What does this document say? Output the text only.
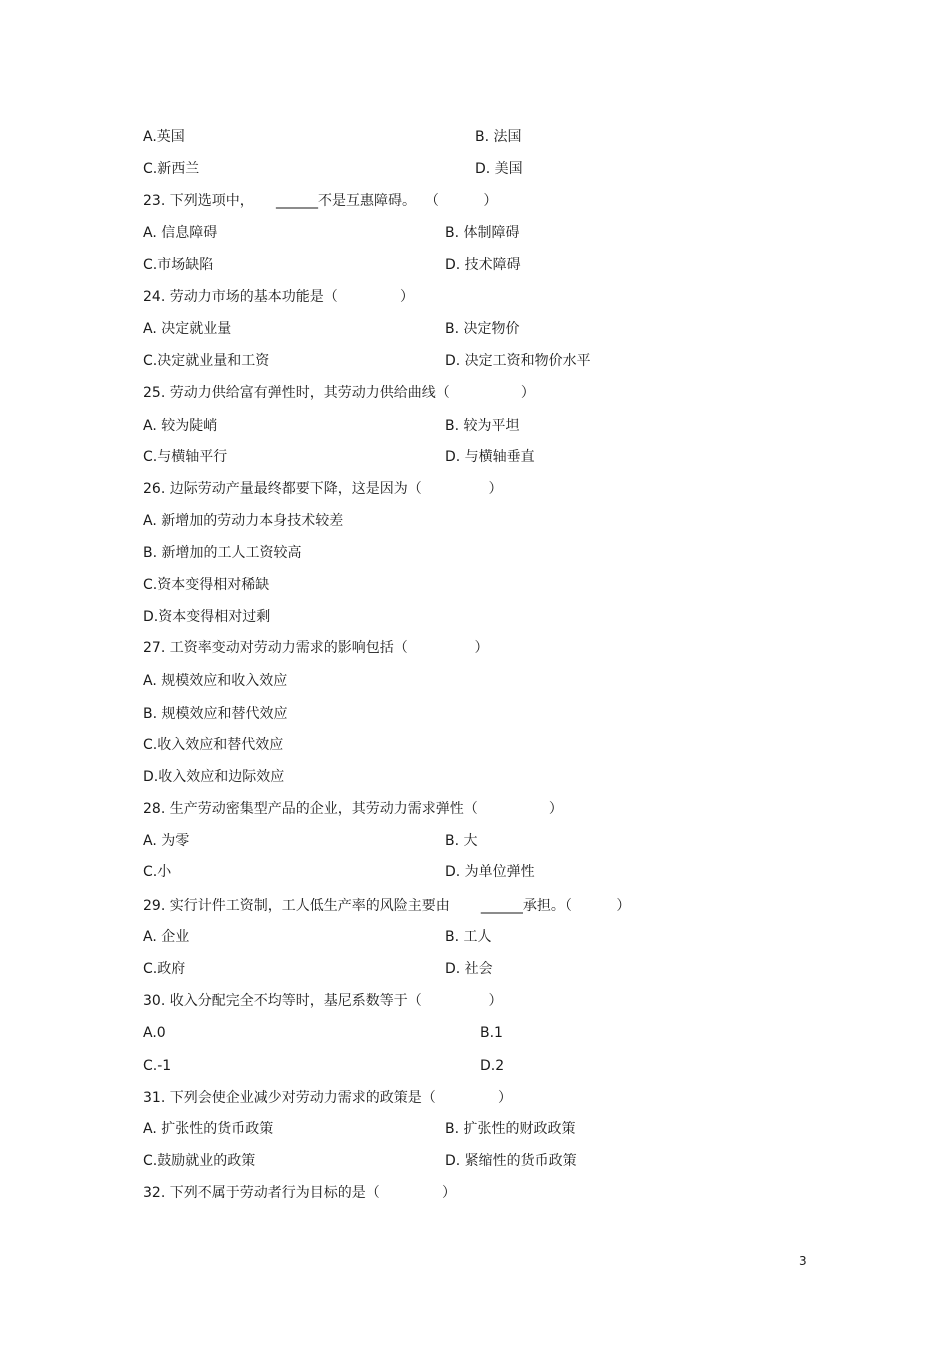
A.英国	B. 法国
C.新西兰	D. 美国
23. 下列选项中，     ______不是互惠障碍。  （          ）
A. 信息障碍	B. 体制障碍
C.市场缺陷	D. 技术障碍
24. 劳动力市场的基本功能是（              ）
A. 决定就业量	B. 决定物价
C.决定就业量和工资	D. 决定工资和物价水平
25. 劳动力供给富有弹性时，其劳动力供给曲线（                ）
A. 较为陡峭	B. 较为平坦
C.与横轴平行	D. 与横轴垂直
26. 边际劳动产量最终都要下降，这是因为（               ）
A. 新增加的劳动力本身技术较差
B. 新增加的工人工资较高
C.资本变得相对稀缺
D.资本变得相对过剩
27. 工资率变动对劳动力需求的影响包括（               ）
A. 规模效应和收入效应
B. 规模效应和替代效应
C.收入效应和替代效应
D.收入效应和边际效应
28. 生产劳动密集型产品的企业，其劳动力需求弹性（                ）
A. 为零	B. 大
C.小	D. 为单位弹性
29. 实行计件工资制，工人低生产率的风险主要由       ______承担。（          ）
A. 企业	B. 工人
C.政府	D. 社会
30. 收入分配完全不均等时，基尼系数等于（               ）
A.0	B.1
C.-1	D.2
31. 下列会使企业减少对劳动力需求的政策是（              ）
A. 扩张性的货币政策	B. 扩张性的财政政策
C.鼓励就业的政策	D. 紧缩性的货币政策
32. 下列不属于劳动者行为目标的是（              ）
3
